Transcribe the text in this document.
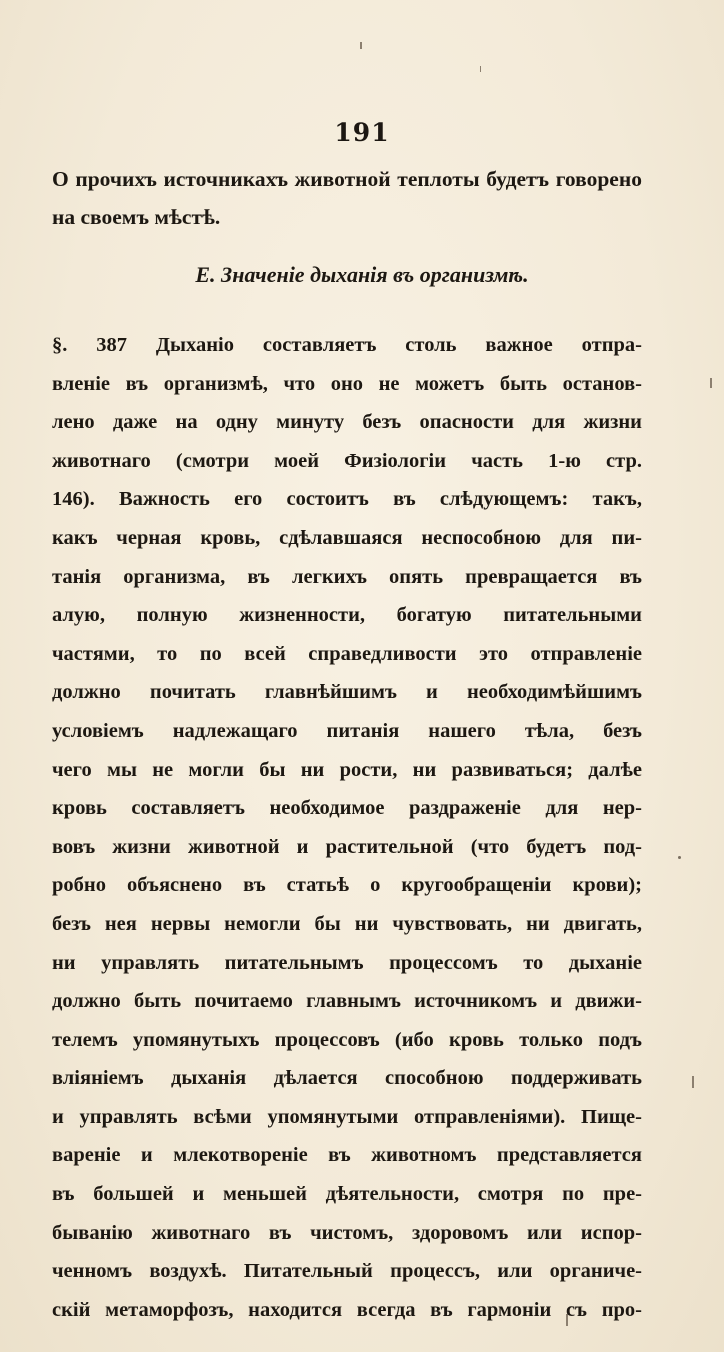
191
О прочихъ источникахъ животной теплоты будетъ говорено на своемъ мѣстѣ.
Е. Значеніе дыханія въ организмѣ.
§. 387 Дыханіо составляетъ столь важное отпра-
вленіе въ организмѣ, что оно не можетъ быть останов-
лено даже на одну минуту безъ опасности для жизни
животнаго (смотри моей Физіологіи часть 1-ю стр.
146). Важность его состоитъ въ слѣдующемъ: такъ,
какъ черная кровь, сдѣлавшаяся неспособною для пи-
танія организма, въ легкихъ опять превращается въ
алую, полную жизненности, богатую питательными
частями, то по всей справедливости это отправленіе
должно почитать главнѣйшимъ и необходимѣйшимъ
условіемъ надлежащаго питанія нашего тѣла, безъ
чего мы не могли бы ни рости, ни развиваться; далѣе
кровь составляетъ необходимое раздраженіе для нер-
вовъ жизни животной и растительной (что будетъ под-
робно объяснено въ статьѣ о кругообращеніи крови);
безъ нея нервы немогли бы ни чувствовать, ни двигать,
ни управлять питательнымъ процессомъ то дыханіе
должно быть почитаемо главнымъ источникомъ и движи-
телемъ упомянутыхъ процессовъ (ибо кровь только подъ
вліяніемъ дыханія дѣлается способною поддерживать
и управлять всѣми упомянутыми отправленіями). Пище-
вареніе и млекотвореніе въ животномъ представляется
въ большей и меньшей дѣятельности, смотря по пре-
быванію животнаго въ чистомъ, здоровомъ или испор-
ченномъ воздухѣ. Питательный процессъ, или органиче-
скій метаморфозъ, находится всегда въ гармоніи съ про-
